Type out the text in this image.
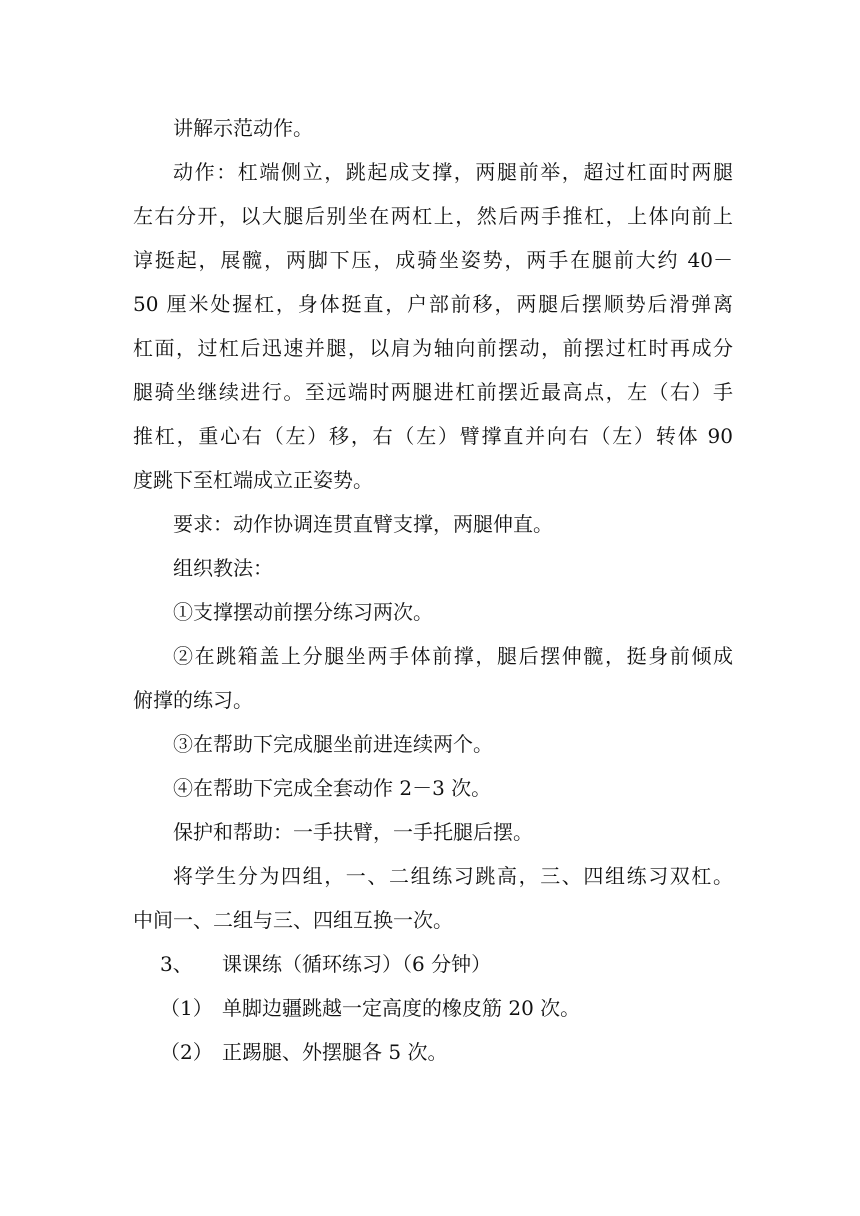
讲解示范动作。
动作：杠端侧立，跳起成支撑，两腿前举，超过杠面时两腿
左右分开，以大腿后别坐在两杠上，然后两手推杠，上体向前上
谆挺起，展髋，两脚下压，成骑坐姿势，两手在腿前大约 40－
50 厘米处握杠，身体挺直，户部前移，两腿后摆顺势后滑弹离
杠面，过杠后迅速并腿，以肩为轴向前摆动，前摆过杠时再成分
腿骑坐继续进行。至远端时两腿进杠前摆近最高点，左（右）手
推杠，重心右（左）移，右（左）臂撑直并向右（左）转体 90
度跳下至杠端成立正姿势。
要求：动作协调连贯直臂支撑，两腿伸直。
组织教法：
①支撑摆动前摆分练习两次。
②在跳箱盖上分腿坐两手体前撑，腿后摆伸髋，挺身前倾成
俯撑的练习。
③在帮助下完成腿坐前进连续两个。
④在帮助下完成全套动作 2－3 次。
保护和帮助：一手扶臂，一手托腿后摆。
将学生分为四组，一、二组练习跳高，三、四组练习双杠。
中间一、二组与三、四组互换一次。
3、 课课练（循环练习）（6 分钟）
（1） 单脚边疆跳越一定高度的橡皮筋 20 次。
（2） 正踢腿、外摆腿各 5 次。
